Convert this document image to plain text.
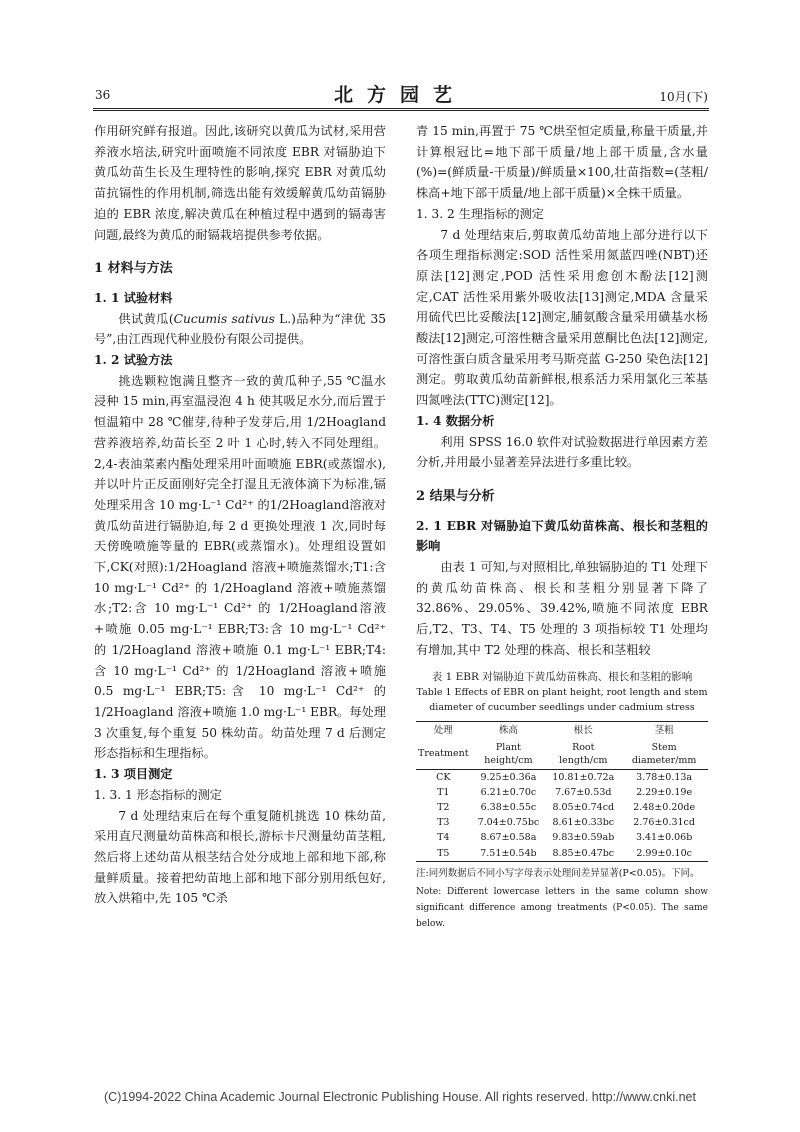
36	北方园艺	10月(下)

作用研究鲜有报道。因此,该研究以黄瓜为试材,采用营养液水培法,研究叶面喷施不同浓度 EBR 对镉胁迫下黄瓜幼苗生长及生理特性的影响,探究 EBR 对黄瓜幼苗抗镉性的作用机制,筛选出能有效缓解黄瓜幼苗镉胁迫的 EBR 浓度,解决黄瓜在种植过程中遇到的镉毒害问题,最终为黄瓜的耐镉栽培提供参考依据。

1 材料与方法

1. 1 试验材料

供试黄瓜(Cucumis sativus L.)品种为“津优 35 号”,由江西现代种业股份有限公司提供。

1. 2 试验方法

挑选颗粒饱满且整齐一致的黄瓜种子,55 ℃温水浸种 15 min,再室温浸泡 4 h 使其吸足水分,而后置于恒温箱中 28 ℃催芽,待种子发芽后,用 1/2Hoagland 营养液培养,幼苗长至 2 叶 1 心时,转入不同处理组。2,4-表油菜素内酯处理采用叶面喷施 EBR(或蒸馏水),并以叶片正反面刚好完全打湿且无液体滴下为标准,镉处理采用含 10 mg·L⁻¹ Cd²⁺ 的1/2Hoagland溶液对黄瓜幼苗进行镉胁迫,每 2 d 更换处理液 1 次,同时每天傍晚喷施等量的 EBR(或蒸馏水)。处理组设置如下,CK(对照):1/2Hoagland 溶液+喷施蒸馏水;T1:含 10 mg·L⁻¹ Cd²⁺ 的 1/2Hoagland 溶液+喷施蒸馏水;T2:含 10 mg·L⁻¹ Cd²⁺ 的 1/2Hoagland溶液+喷施 0.05 mg·L⁻¹ EBR;T3:含 10 mg·L⁻¹ Cd²⁺ 的 1/2Hoagland 溶液+喷施 0.1 mg·L⁻¹ EBR;T4:含 10 mg·L⁻¹ Cd²⁺ 的 1/2Hoagland 溶液+喷施 0.5 mg·L⁻¹ EBR;T5:含 10 mg·L⁻¹ Cd²⁺ 的 1/2Hoagland 溶液+喷施 1.0 mg·L⁻¹ EBR。每处理 3 次重复,每个重复 50 株幼苗。幼苗处理 7 d 后测定形态指标和生理指标。

1. 3 项目测定

1. 3. 1 形态指标的测定

7 d 处理结束后在每个重复随机挑选 10 株幼苗,采用直尺测量幼苗株高和根长,游标卡尺测量幼苗茎粗,然后将上述幼苗从根茎结合处分成地上部和地下部,称量鲜质量。接着把幼苗地上部和地下部分别用纸包好,放入烘箱中,先 105 ℃杀

青 15 min,再置于 75 ℃烘至恒定质量,称量干质量,并计算根冠比=地下部干质量/地上部干质量,含水量(%)=(鲜质量-干质量)/鲜质量×100,壮苗指数=(茎粗/株高+地下部干质量/地上部干质量)×全株干质量。

1. 3. 2 生理指标的测定

7 d 处理结束后,剪取黄瓜幼苗地上部分进行以下各项生理指标测定:SOD 活性采用氮蓝四唑(NBT)还原法[12]测定,POD 活性采用愈创木酚法[12]测定,CAT 活性采用紫外吸收法[13]测定,MDA 含量采用硫代巴比妥酸法[12]测定,脯氨酸含量采用磺基水杨酸法[12]测定,可溶性糖含量采用蒽酮比色法[12]测定,可溶性蛋白质含量采用考马斯亮蓝 G-250 染色法[12]测定。剪取黄瓜幼苗新鲜根,根系活力采用氯化三苯基四氮唑法(TTC)测定[12]。

1. 4 数据分析

利用 SPSS 16.0 软件对试验数据进行单因素方差分析,并用最小显著差异法进行多重比较。

2 结果与分析

2. 1 EBR 对镉胁迫下黄瓜幼苗株高、根长和茎粗的影响

由表 1 可知,与对照相比,单独镉胁迫的 T1 处理下的黄瓜幼苗株高、根长和茎粗分别显著下降了 32.86%、29.05%、39.42%,喷施不同浓度 EBR 后,T2、T3、T4、T5 处理的 3 项指标较 T1 处理均有增加,其中 T2 处理的株高、根长和茎粗较

表 1 EBR 对镉胁迫下黄瓜幼苗株高、根长和茎粗的影响
Table 1 Effects of EBR on plant height, root length and stem diameter of cucumber seedlings under cadmium stress
处理	株高	根长	茎粗
Treatment	Plant height/cm	Root length/cm	Stem diameter/mm
CK	9.25±0.36a	10.81±0.72a	3.78±0.13a
T1	6.21±0.70c	7.67±0.53d	2.29±0.19e
T2	6.38±0.55c	8.05±0.74cd	2.48±0.20de
T3	7.04±0.75bc	8.61±0.33bc	2.76±0.31cd
T4	8.67±0.58a	9.83±0.59ab	3.41±0.06b
T5	7.51±0.54b	8.85±0.47bc	2.99±0.10c
注:同列数据后不同小写字母表示处理间差异显著(P<0.05)。下同。
Note: Different lowercase letters in the same column show significant difference among treatments (P<0.05). The same below.
(C)1994-2022 China Academic Journal Electronic Publishing House. All rights reserved. http://www.cnki.net
